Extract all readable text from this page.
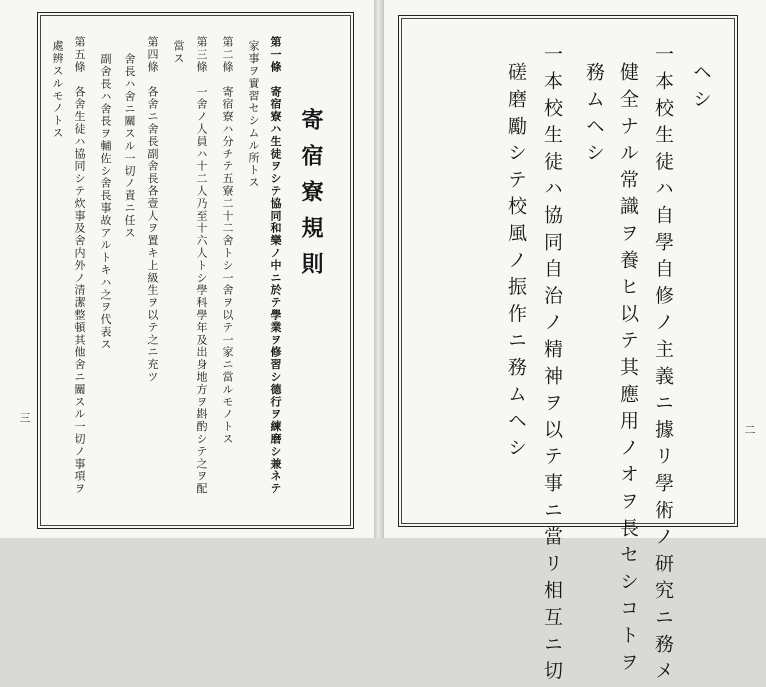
寄宿寮規則
第一條　寄宿寮ハ生徒ヲシテ協同和樂ノ中ニ於テ學業ヲ修習シ德行ヲ練磨シ兼ネテ
家事ヲ實習セシムル所トス
第二條　寄宿寮ハ分チテ五寮二十二舍トシ一舍ヲ以テ一家ニ當ルモノトス
第三條　一舍ノ人員ハ十二人乃至十六人トシ學科學年及出身地方ヲ斟酌シテ之ヲ配
當ス
第四條　各舍ニ舍長副舍長各壹人ヲ置キ上級生ヲ以テ之ニ充ツ
舍長ハ舍ニ關スル一切ノ責ニ任ス
副舍長ハ舍長ヲ輔佐シ舍長事故アルトキハ之ヲ代表ス
第五條　各舍生徒ハ協同シテ炊事及舍内外ノ清潔整頓其他舍ニ關スル一切ノ事項ヲ
處辨スルモノトス
三
ヘシ
一本校生徒ハ自學自修ノ主義ニ據リ學術ノ研究ニ務メ
健全ナル常識ヲ養ヒ以テ其應用ノオヲ長セシコトヲ
務ムヘシ
一本校生徒ハ協同自治ノ精神ヲ以テ事ニ當リ相互ニ切
磋磨勵シテ校風ノ振作ニ務ムヘシ	二
